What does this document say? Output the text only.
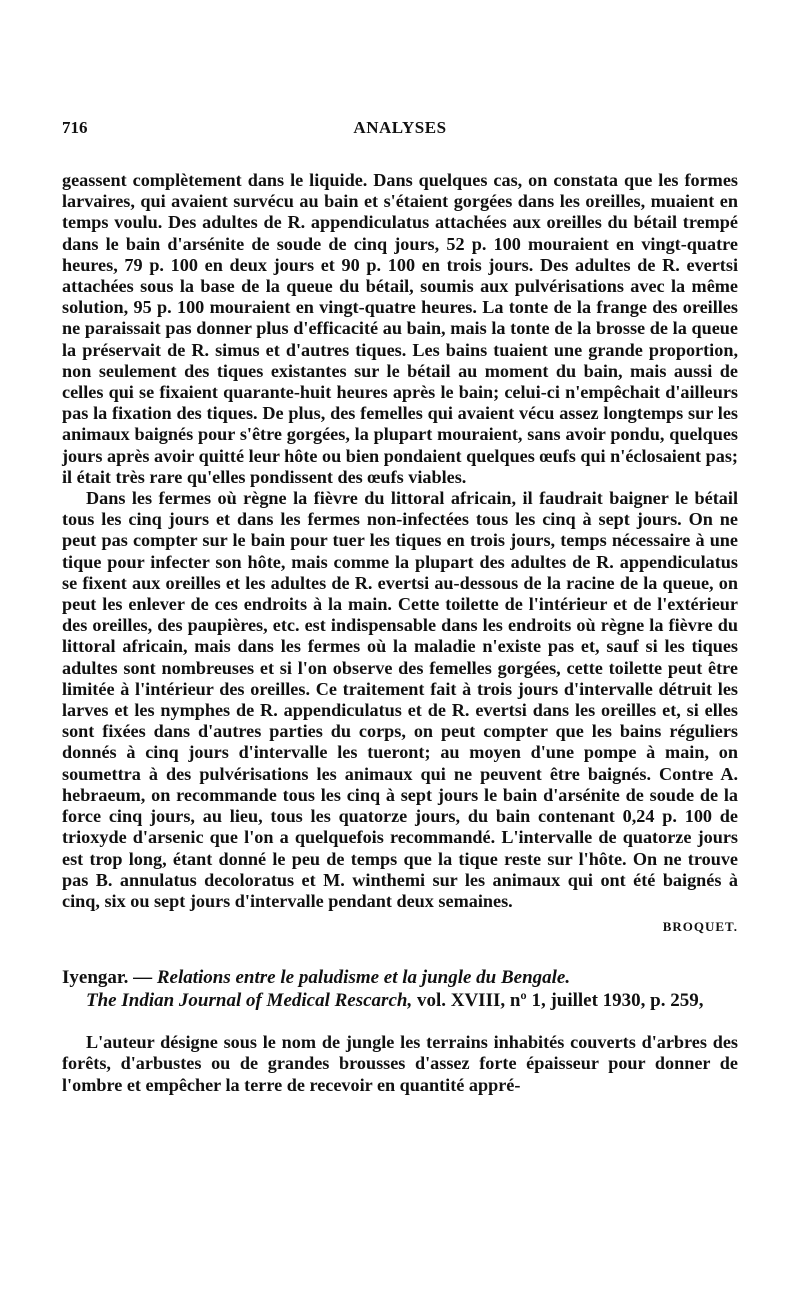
716	ANALYSES

geassent complètement dans le liquide. Dans quelques cas, on constata que les formes larvaires, qui avaient survécu au bain et s'étaient gorgées dans les oreilles, muaient en temps voulu. Des adultes de R. appendiculatus attachées aux oreilles du bétail trempé dans le bain d'arsénite de soude de cinq jours, 52 p. 100 mouraient en vingt-quatre heures, 79 p. 100 en deux jours et 90 p. 100 en trois jours. Des adultes de R. evertsi attachées sous la base de la queue du bétail, soumis aux pulvérisations avec la même solution, 95 p. 100 mouraient en vingt-quatre heures. La tonte de la frange des oreilles ne paraissait pas donner plus d'efficacité au bain, mais la tonte de la brosse de la queue la préservait de R. simus et d'autres tiques. Les bains tuaient une grande proportion, non seulement des tiques existantes sur le bétail au moment du bain, mais aussi de celles qui se fixaient quarante-huit heures après le bain; celui-ci n'empêchait d'ailleurs pas la fixation des tiques. De plus, des femelles qui avaient vécu assez longtemps sur les animaux baignés pour s'être gorgées, la plupart mouraient, sans avoir pondu, quelques jours après avoir quitté leur hôte ou bien pondaient quelques œufs qui n'éclosaient pas; il était très rare qu'elles pondissent des œufs viables.

Dans les fermes où règne la fièvre du littoral africain, il faudrait baigner le bétail tous les cinq jours et dans les fermes non-infectées tous les cinq à sept jours. On ne peut pas compter sur le bain pour tuer les tiques en trois jours, temps nécessaire à une tique pour infecter son hôte, mais comme la plupart des adultes de R. appendiculatus se fixent aux oreilles et les adultes de R. evertsi au-dessous de la racine de la queue, on peut les enlever de ces endroits à la main. Cette toilette de l'intérieur et de l'extérieur des oreilles, des paupières, etc. est indispensable dans les endroits où règne la fièvre du littoral africain, mais dans les fermes où la maladie n'existe pas et, sauf si les tiques adultes sont nombreuses et si l'on observe des femelles gorgées, cette toilette peut être limitée à l'intérieur des oreilles. Ce traitement fait à trois jours d'intervalle détruit les larves et les nymphes de R. appendiculatus et de R. evertsi dans les oreilles et, si elles sont fixées dans d'autres parties du corps, on peut compter que les bains réguliers donnés à cinq jours d'intervalle les tueront; au moyen d'une pompe à main, on soumettra à des pulvérisations les animaux qui ne peuvent être baignés. Contre A. hebraeum, on recommande tous les cinq à sept jours le bain d'arsénite de soude de la force cinq jours, au lieu, tous les quatorze jours, du bain contenant 0,24 p. 100 de trioxyde d'arsenic que l'on a quelquefois recommandé. L'intervalle de quatorze jours est trop long, étant donné le peu de temps que la tique reste sur l'hôte. On ne trouve pas B. annulatus decoloratus et M. winthemi sur les animaux qui ont été baignés à cinq, six ou sept jours d'intervalle pendant deux semaines.

BROQUET.
Iyengar. — Relations entre le paludisme et la jungle du Bengale.
The Indian Journal of Medical Rescarch, vol. XVIII, nº 1, juillet 1930, p. 259,

L'auteur désigne sous le nom de jungle les terrains inhabités couverts d'arbres des forêts, d'arbustes ou de grandes brousses d'assez forte épaisseur pour donner de l'ombre et empêcher la terre de recevoir en quantité appré-
